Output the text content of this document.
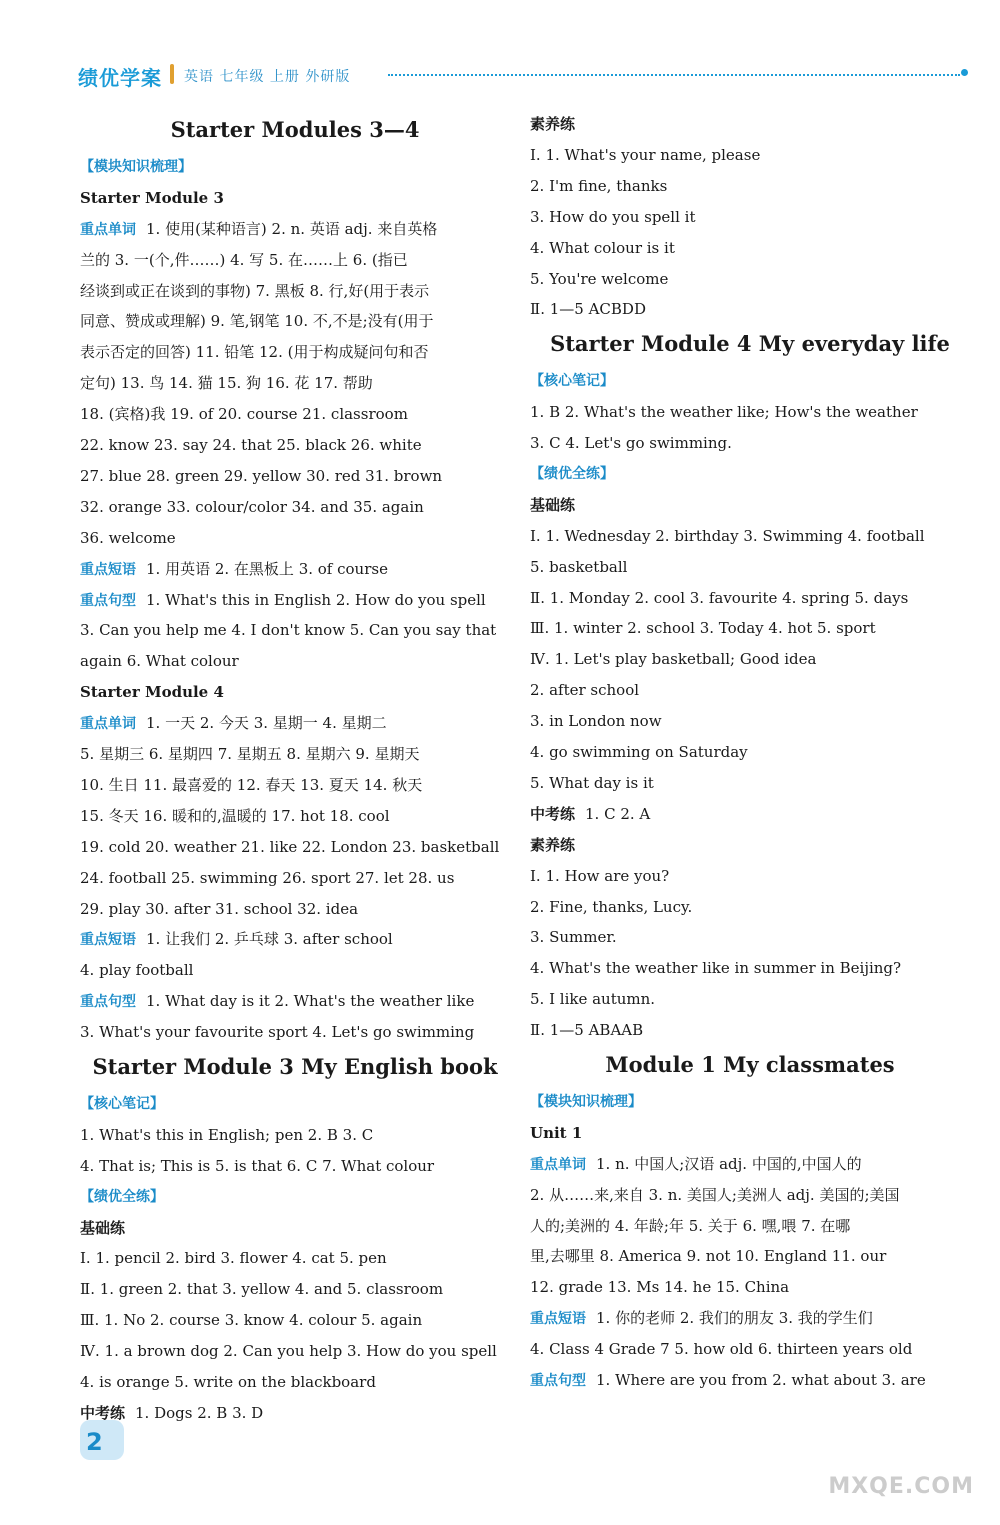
绩优学案 英语 七年级 上册 外研版
Starter Modules 3—4
【模块知识梳理】
Starter Module 3
重点单词 1. 使用(某种语言) 2. n. 英语 adj. 来自英格
兰的 3. 一(个,件……) 4. 写 5. 在……上 6. (指已
经谈到或正在谈到的事物) 7. 黑板 8. 行,好(用于表示
同意、赞成或理解) 9. 笔,钢笔 10. 不,不是;没有(用于
表示否定的回答) 11. 铅笔 12. (用于构成疑问句和否
定句) 13. 鸟 14. 猫 15. 狗 16. 花 17. 帮助
18. (宾格)我 19. of 20. course 21. classroom
22. know 23. say 24. that 25. black 26. white
27. blue 28. green 29. yellow 30. red 31. brown
32. orange 33. colour/color 34. and 35. again
36. welcome
重点短语 1. 用英语 2. 在黑板上 3. of course
重点句型 1. What's this in English 2. How do you spell
3. Can you help me 4. I don't know 5. Can you say that
again 6. What colour
Starter Module 4
重点单词 1. 一天 2. 今天 3. 星期一 4. 星期二
5. 星期三 6. 星期四 7. 星期五 8. 星期六 9. 星期天
10. 生日 11. 最喜爱的 12. 春天 13. 夏天 14. 秋天
15. 冬天 16. 暖和的,温暖的 17. hot 18. cool
19. cold 20. weather 21. like 22. London 23. basketball
24. football 25. swimming 26. sport 27. let 28. us
29. play 30. after 31. school 32. idea
重点短语 1. 让我们 2. 乒乓球 3. after school
4. play football
重点句型 1. What day is it 2. What's the weather like
3. What's your favourite sport 4. Let's go swimming
Starter Module 3 My English book
【核心笔记】
1. What's this in English; pen 2. B 3. C
4. That is; This is 5. is that 6. C 7. What colour
【绩优全练】
基础练
Ⅰ. 1. pencil 2. bird 3. flower 4. cat 5. pen
Ⅱ. 1. green 2. that 3. yellow 4. and 5. classroom
Ⅲ. 1. No 2. course 3. know 4. colour 5. again
Ⅳ. 1. a brown dog 2. Can you help 3. How do you spell
4. is orange 5. write on the blackboard
中考练 1. Dogs 2. B 3. D
素养练
Ⅰ. 1. What's your name, please
2. I'm fine, thanks
3. How do you spell it
4. What colour is it
5. You're welcome
Ⅱ. 1—5 ACBDD
Starter Module 4 My everyday life
【核心笔记】
1. B 2. What's the weather like; How's the weather
3. C 4. Let's go swimming.
【绩优全练】
基础练
Ⅰ. 1. Wednesday 2. birthday 3. Swimming 4. football
5. basketball
Ⅱ. 1. Monday 2. cool 3. favourite 4. spring 5. days
Ⅲ. 1. winter 2. school 3. Today 4. hot 5. sport
Ⅳ. 1. Let's play basketball; Good idea
2. after school
3. in London now
4. go swimming on Saturday
5. What day is it
中考练 1. C 2. A
素养练
Ⅰ. 1. How are you?
2. Fine, thanks, Lucy.
3. Summer.
4. What's the weather like in summer in Beijing?
5. I like autumn.
Ⅱ. 1—5 ABAAB
Module 1 My classmates
【模块知识梳理】
Unit 1
重点单词 1. n. 中国人;汉语 adj. 中国的,中国人的
2. 从……来,来自 3. n. 美国人;美洲人 adj. 美国的;美国
人的;美洲的 4. 年龄;年 5. 关于 6. 嘿,喂 7. 在哪
里,去哪里 8. America 9. not 10. England 11. our
12. grade 13. Ms 14. he 15. China
重点短语 1. 你的老师 2. 我们的朋友 3. 我的学生们
4. Class 4 Grade 7 5. how old 6. thirteen years old
重点句型 1. Where are you from 2. what about 3. are
2
MXQE.COM
